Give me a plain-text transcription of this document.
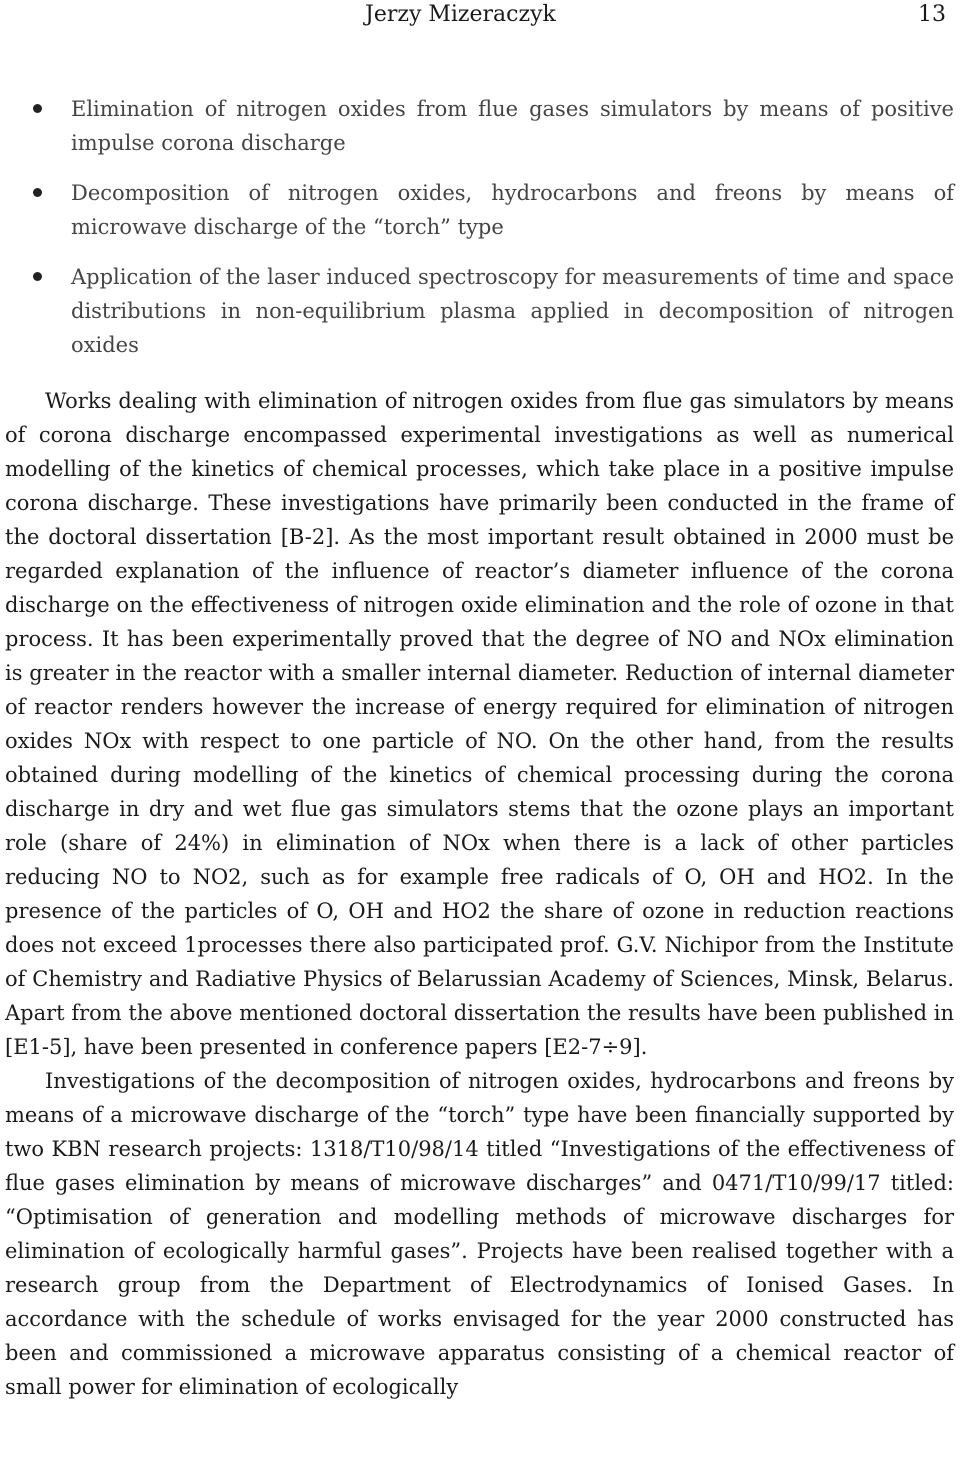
Jerzy Mizeraczyk	13
Elimination of nitrogen oxides from flue gases simulators by means of positive impulse corona discharge
Decomposition of nitrogen oxides, hydrocarbons and freons by means of microwave discharge of the “torch” type
Application of the laser induced spectroscopy for measurements of time and space distributions in non-equilibrium plasma applied in decomposition of nitrogen oxides

Works dealing with elimination of nitrogen oxides from flue gas simulators by means of corona discharge encompassed experimental investigations as well as numerical modelling of the kinetics of chemical processes, which take place in a positive impulse corona discharge. These investigations have primarily been conducted in the frame of the doctoral dissertation [B-2]. As the most important result obtained in 2000 must be regarded explanation of the influence of reactor’s diameter influence of the corona discharge on the effectiveness of nitrogen oxide elimination and the role of ozone in that process. It has been experimentally proved that the degree of NO and NOx elimination is greater in the reactor with a smaller internal diameter. Reduction of internal diameter of reactor renders however the increase of energy required for elimination of nitrogen oxides NOx with respect to one particle of NO. On the other hand, from the results obtained during modelling of the kinetics of chemical processing during the corona discharge in dry and wet flue gas simulators stems that the ozone plays an important role (share of 24%) in elimination of NOx when there is a lack of other particles reducing NO to NO2, such as for example free radicals of O, OH and HO2. In the presence of the particles of O, OH and HO2 the share of ozone in reduction reactions does not exceed 1processes there also participated prof. G.V. Nichipor from the Institute of Chemistry and Radiative Physics of Belarussian Academy of Sciences, Minsk, Belarus. Apart from the above mentioned doctoral dissertation the results have been published in [E1-5], have been presented in conference papers [E2-7÷9].

Investigations of the decomposition of nitrogen oxides, hydrocarbons and freons by means of a microwave discharge of the “torch” type have been financially supported by two KBN research projects: 1318/T10/98/14 titled “Investigations of the effectiveness of flue gases elimination by means of microwave discharges” and 0471/T10/99/17 titled: “Optimisation of generation and modelling methods of microwave discharges for elimination of ecologically harmful gases”. Projects have been realised together with a research group from the Department of Electrodynamics of Ionised Gases. In accordance with the schedule of works envisaged for the year 2000 constructed has been and commissioned a microwave apparatus consisting of a chemical reactor of small power for elimination of ecologically
